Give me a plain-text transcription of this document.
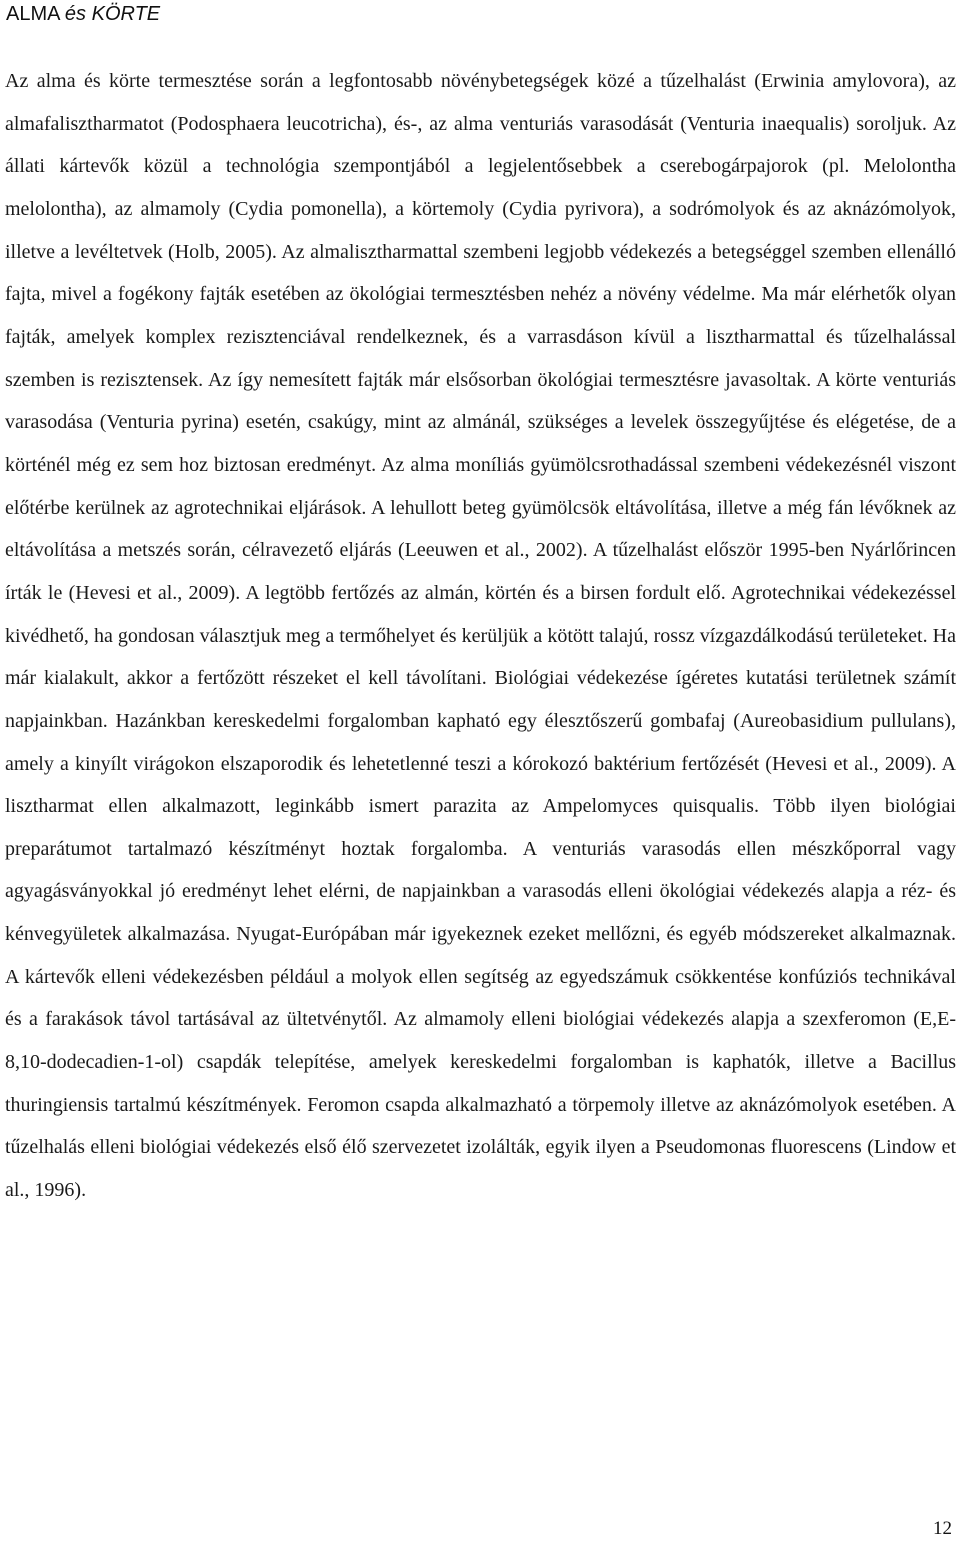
ALMA és KÖRTE

Az alma és körte termesztése során a legfontosabb növénybetegségek közé a tűzelhalást (Erwinia amylovora), az almafalisztharmatot (Podosphaera leucotricha), és-, az alma venturiás varasodását (Venturia inaequalis) soroljuk. Az állati kártevők közül a technológia szempontjából a legjelentősebbek a cserebogárpajorok (pl. Melolontha melolontha), az almamoly (Cydia pomonella), a körtemoly (Cydia pyrivora), a sodrómolyok és az aknázómolyok, illetve a levéltetvek (Holb, 2005). Az almalisztharmattal szembeni legjobb védekezés a betegséggel szemben ellenálló fajta, mivel a fogékony fajták esetében az ökológiai termesztésben nehéz a növény védelme. Ma már elérhetők olyan fajták, amelyek komplex rezisztenciával rendelkeznek, és a varrasdáson kívül a lisztharmattal és tűzelhalással szemben is rezisztensek. Az így nemesített fajták már elsősorban ökológiai termesztésre javasoltak. A körte venturiás varasodása (Venturia pyrina) esetén, csakúgy, mint az almánál, szükséges a levelek összegyűjtése és elégetése, de a körténél még ez sem hoz biztosan eredményt. Az alma moníliás gyümölcsrothadással szembeni védekezésnél viszont előtérbe kerülnek az agrotechnikai eljárások. A lehullott beteg gyümölcsök eltávolítása, illetve a még fán lévőknek az eltávolítása a metszés során, célravezető eljárás (Leeuwen et al., 2002). A tűzelhalást először 1995-ben Nyárlőrincen írták le (Hevesi et al., 2009). A legtöbb fertőzés az almán, körtén és a birsen fordult elő. Agrotechnikai védekezéssel kivédhető, ha gondosan választjuk meg a termőhelyet és kerüljük a kötött talajú, rossz vízgazdálkodású területeket. Ha már kialakult, akkor a fertőzött részeket el kell távolítani. Biológiai védekezése ígéretes kutatási területnek számít napjainkban. Hazánkban kereskedelmi forgalomban kapható egy élesztőszerű gombafaj (Aureobasidium pullulans), amely a kinyílt virágokon elszaporodik és lehetetlenné teszi a kórokozó baktérium fertőzését (Hevesi et al., 2009). A lisztharmat ellen alkalmazott, leginkább ismert parazita az Ampelomyces quisqualis. Több ilyen biológiai preparátumot tartalmazó készítményt hoztak forgalomba. A venturiás varasodás ellen mészkőporral vagy agyagásványokkal jó eredményt lehet elérni, de napjainkban a varasodás elleni ökológiai védekezés alapja a réz- és kénvegyületek alkalmazása. Nyugat-Európában már igyekeznek ezeket mellőzni, és egyéb módszereket alkalmaznak. A kártevők elleni védekezésben például a molyok ellen segítség az egyedszámuk csökkentése konfúziós technikával és a farakások távol tartásával az ültetvénytől. Az almamoly elleni biológiai védekezés alapja a szexferomon (E,E-8,10-dodecadien-1-ol) csapdák telepítése, amelyek kereskedelmi forgalomban is kaphatók, illetve a Bacillus thuringiensis tartalmú készítmények. Feromon csapda alkalmazható a törpemoly illetve az aknázómolyok esetében. A tűzelhalás elleni biológiai védekezés első élő szervezetet izolálták, egyik ilyen a Pseudomonas fluorescens (Lindow et al., 1996).

12
